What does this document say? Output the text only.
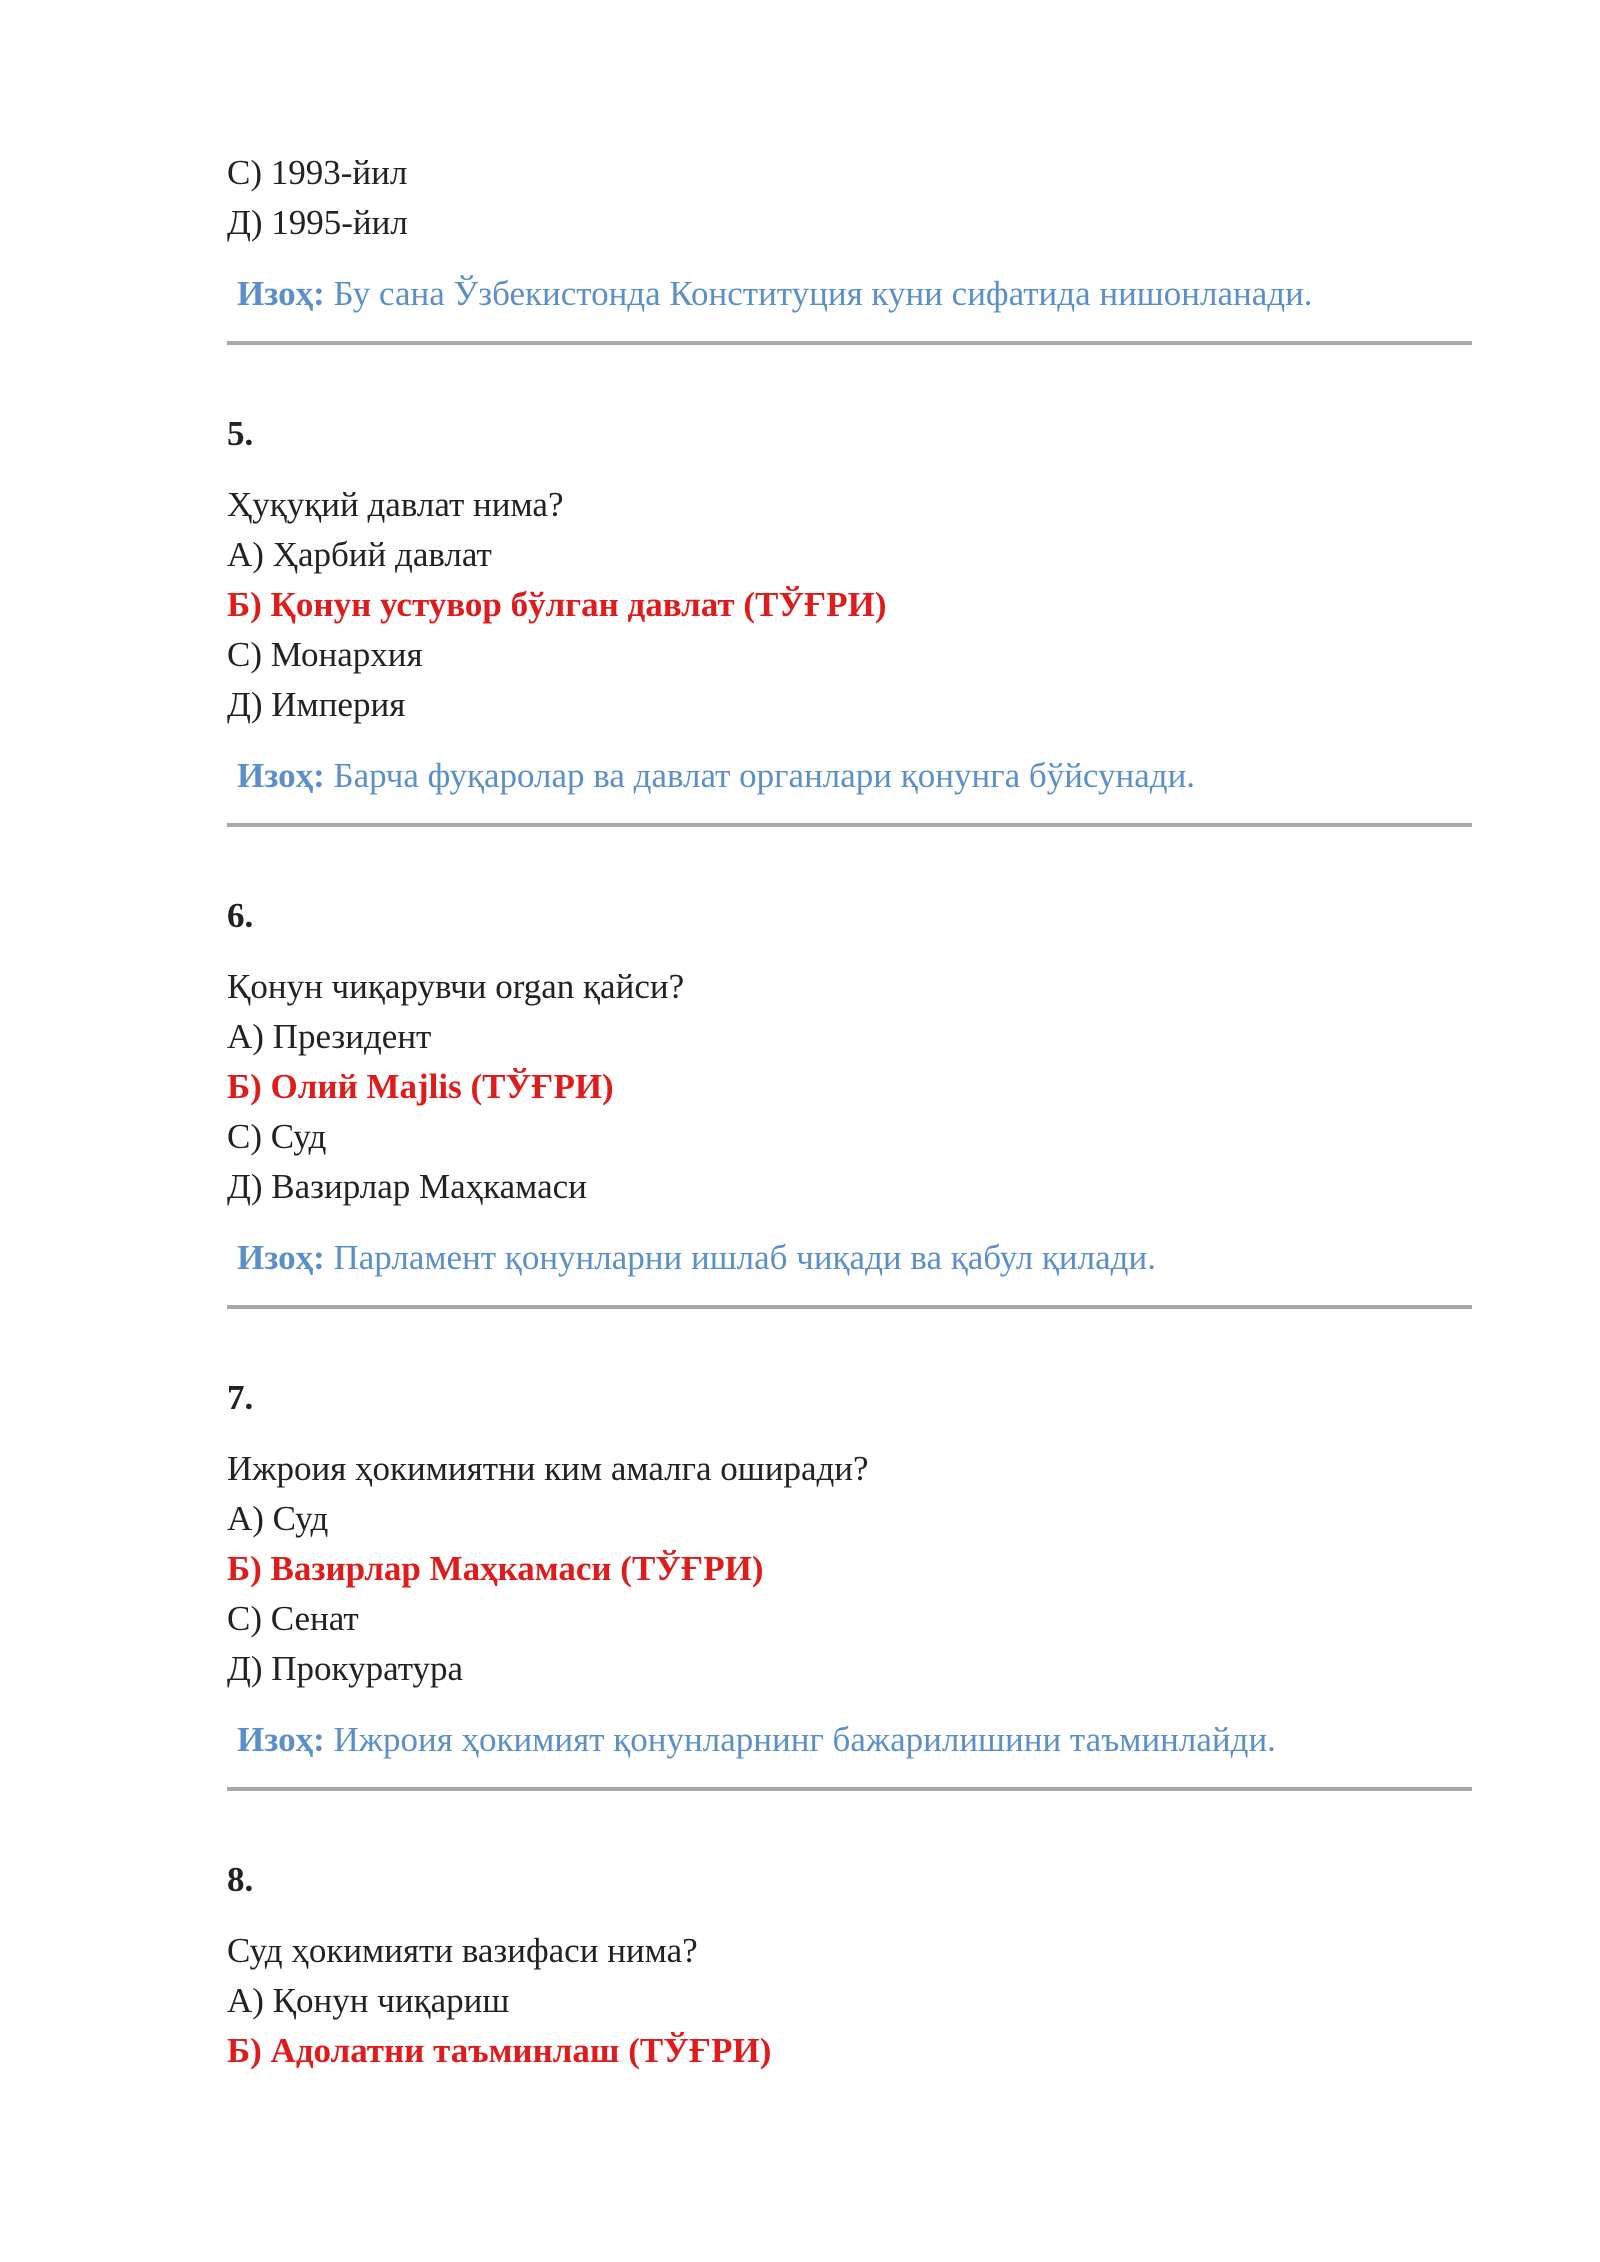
С) 1993-йил
Д) 1995-йил
Изоҳ: Бу сана Ўзбекистонда Конституция куни сифатида нишонланади.
5.
Ҳуқуқий давлат нима?
А) Ҳарбий давлат
Б) Қонун устувор бўлган давлат (ТЎҒРИ)
С) Монархия
Д) Империя
Изоҳ: Барча фуқаролар ва давлат органлари қонунга бўйсунади.
6.
Қонун чиқарувчи organ қайси?
А) Президент
Б) Олий Majlis (ТЎҒРИ)
С) Суд
Д) Вазирлар Маҳкамаси
Изоҳ: Парламент қонунларни ишлаб чиқади ва қабул қилади.
7.
Ижроия ҳокимиятни ким амалга оширади?
А) Суд
Б) Вазирлар Маҳкамаси (ТЎҒРИ)
С) Сенат
Д) Прокуратура
Изоҳ: Ижроия ҳокимият қонунларнинг бажарилишини таъминлайди.
8.
Суд ҳокимияти вазифаси нима?
А) Қонун чиқариш
Б) Адолатни таъминлаш (ТЎҒРИ)
